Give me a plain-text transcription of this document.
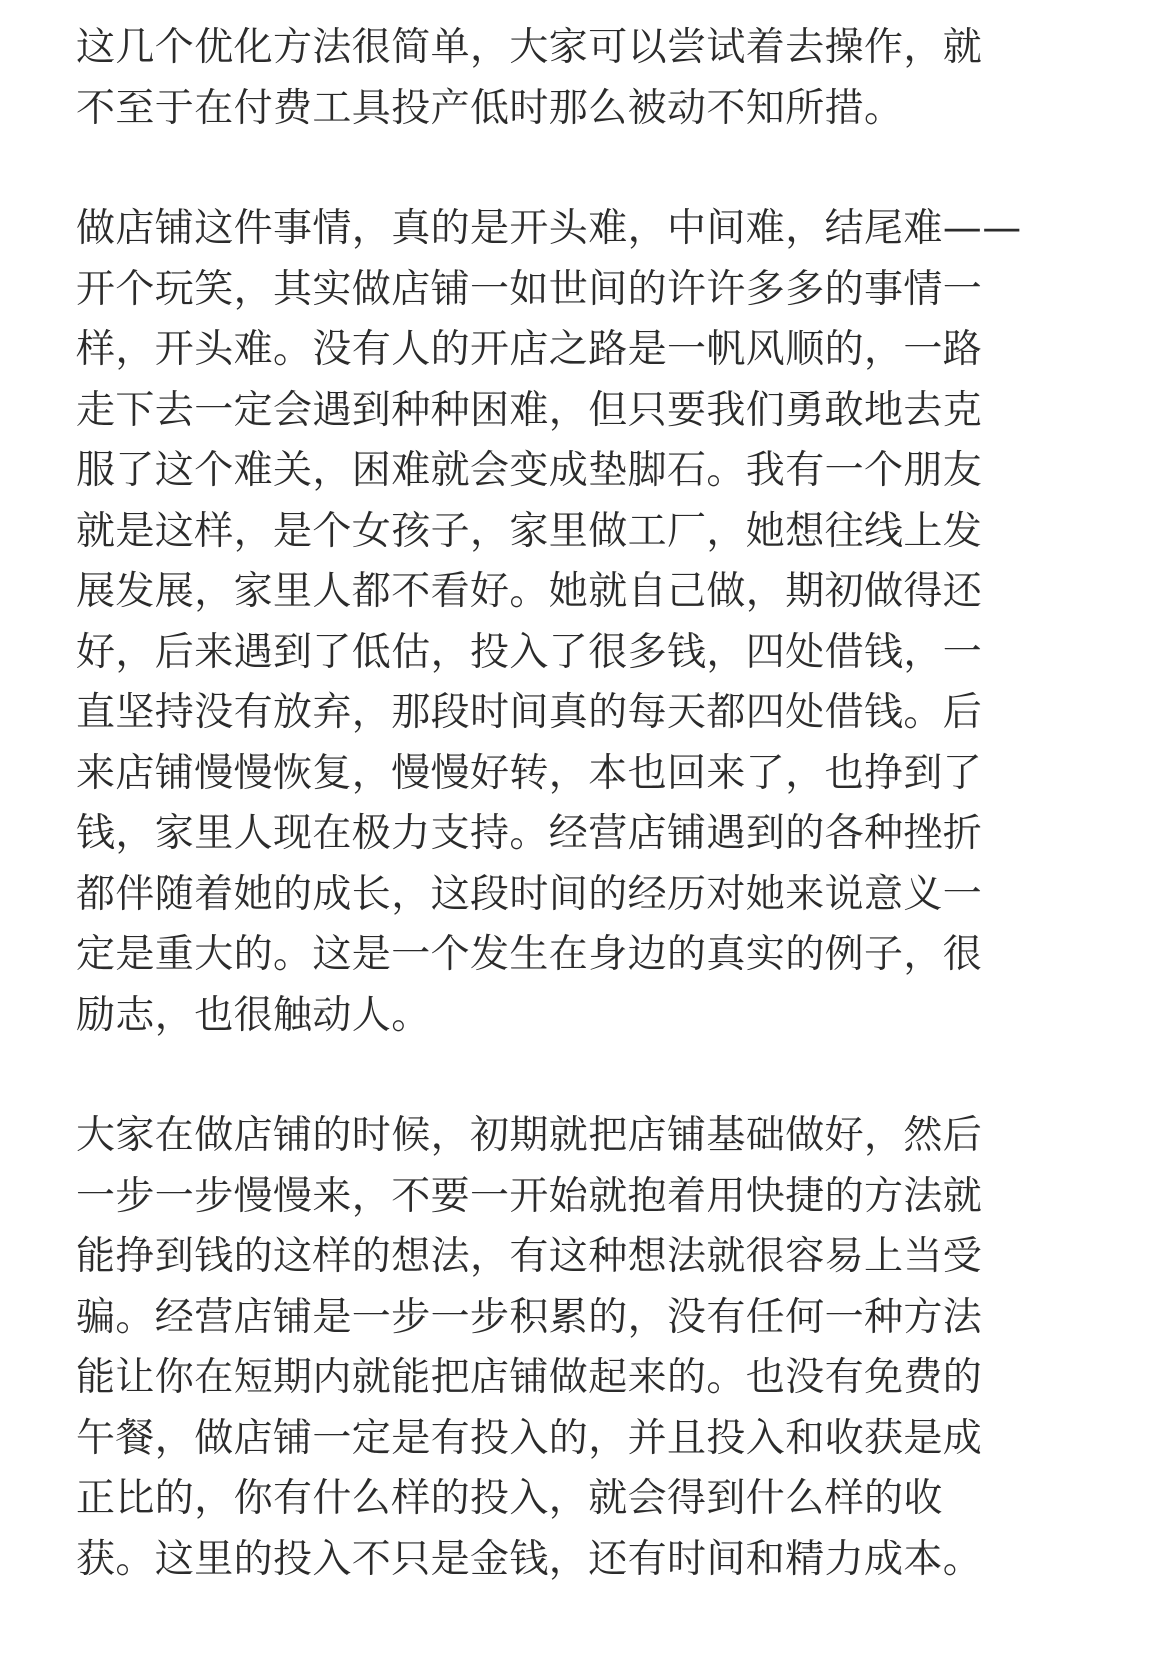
这几个优化方法很简单，大家可以尝试着去操作，就
不至于在付费工具投产低时那么被动不知所措。

做店铺这件事情，真的是开头难，中间难，结尾难——
开个玩笑，其实做店铺一如世间的许许多多的事情一
样，开头难。没有人的开店之路是一帆风顺的，一路
走下去一定会遇到种种困难，但只要我们勇敢地去克
服了这个难关，困难就会变成垫脚石。我有一个朋友
就是这样，是个女孩子，家里做工厂，她想往线上发
展发展，家里人都不看好。她就自己做，期初做得还
好，后来遇到了低估，投入了很多钱，四处借钱，一
直坚持没有放弃，那段时间真的每天都四处借钱。后
来店铺慢慢恢复，慢慢好转，本也回来了，也挣到了
钱，家里人现在极力支持。经营店铺遇到的各种挫折
都伴随着她的成长，这段时间的经历对她来说意义一
定是重大的。这是一个发生在身边的真实的例子，很
励志，也很触动人。

大家在做店铺的时候，初期就把店铺基础做好，然后
一步一步慢慢来，不要一开始就抱着用快捷的方法就
能挣到钱的这样的想法，有这种想法就很容易上当受
骗。经营店铺是一步一步积累的，没有任何一种方法
能让你在短期内就能把店铺做起来的。也没有免费的
午餐，做店铺一定是有投入的，并且投入和收获是成
正比的，你有什么样的投入，就会得到什么样的收
获。这里的投入不只是金钱，还有时间和精力成本。
